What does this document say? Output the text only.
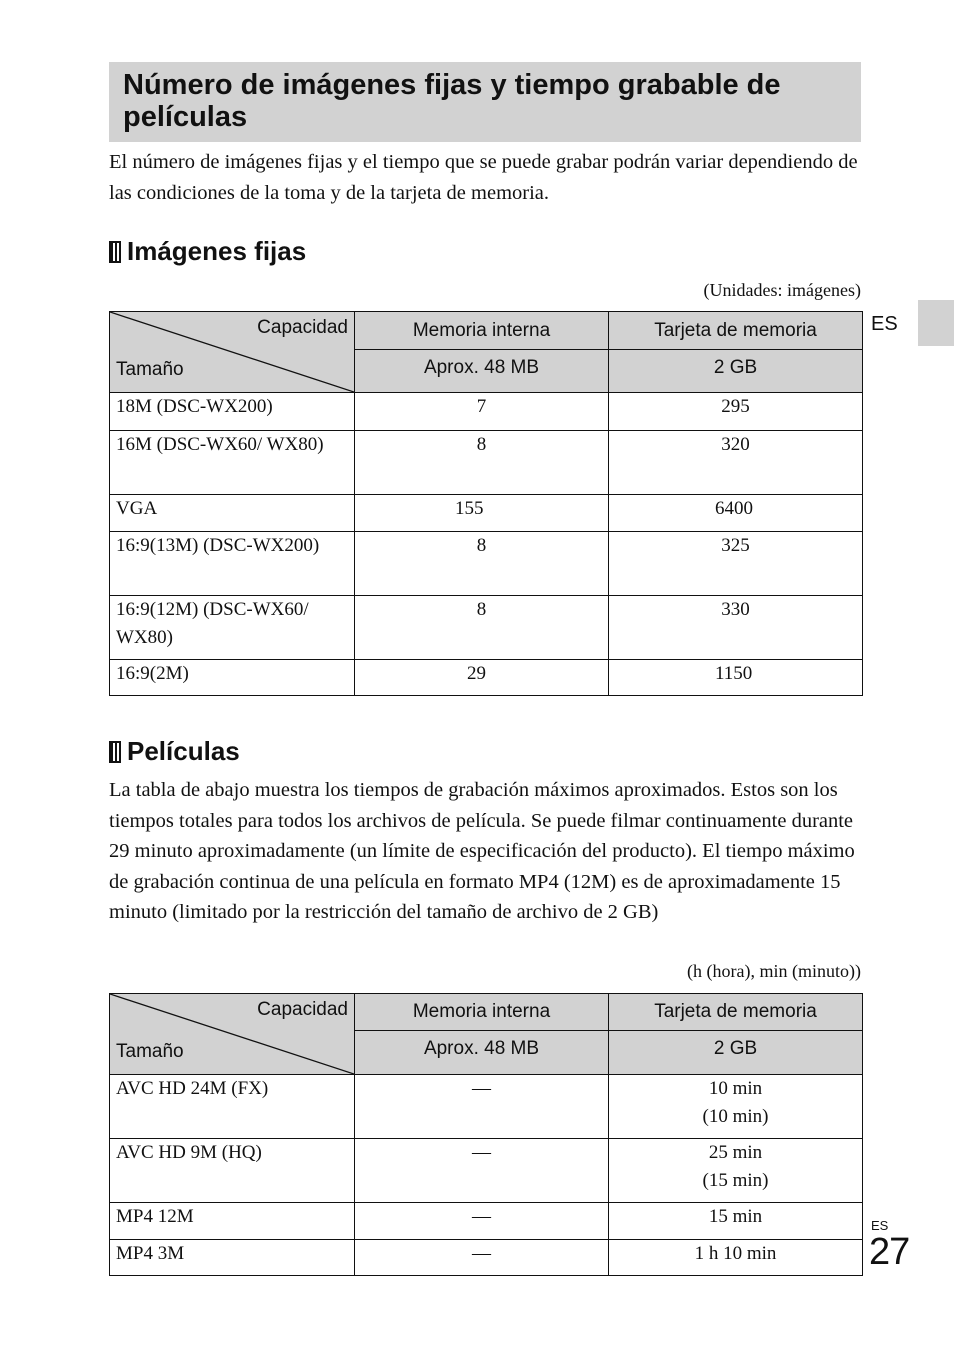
Número de imágenes fijas y tiempo grabable de películas

El número de imágenes fijas y el tiempo que se puede grabar podrán variar dependiendo de las condiciones de la toma y de la tarjeta de memoria.

Imágenes fijas

(Unidades: imágenes)

Capacidad
Tamaño	Memoria interna	Tarjeta de memoria
	Aprox. 48 MB	2 GB
18M (DSC-WX200)	7	295
16M (DSC-WX60/ WX80)	8	320
VGA	155	6400
16:9(13M) (DSC-WX200)	8	325
16:9(12M) (DSC-WX60/ WX80)	8	330
16:9(2M)	29	1150
Películas

La tabla de abajo muestra los tiempos de grabación máximos aproximados. Estos son los tiempos totales para todos los archivos de película. Se puede filmar continuamente durante 29 minuto aproximadamente (un límite de especificación del producto). El tiempo máximo de grabación continua de una película en formato MP4 (12M) es de aproximadamente 15 minuto (limitado por la restricción del tamaño de archivo de 2 GB)

(h (hora), min (minuto))

Capacidad
Tamaño	Memoria interna	Tarjeta de memoria
	Aprox. 48 MB	2 GB
AVC HD 24M (FX)	—	10 min
(10 min)

AVC HD 9M (HQ)	—	25 min
(15 min)

MP4 12M	—	15 min
MP4 3M	—	1 h 10 min
ES
ES
27
